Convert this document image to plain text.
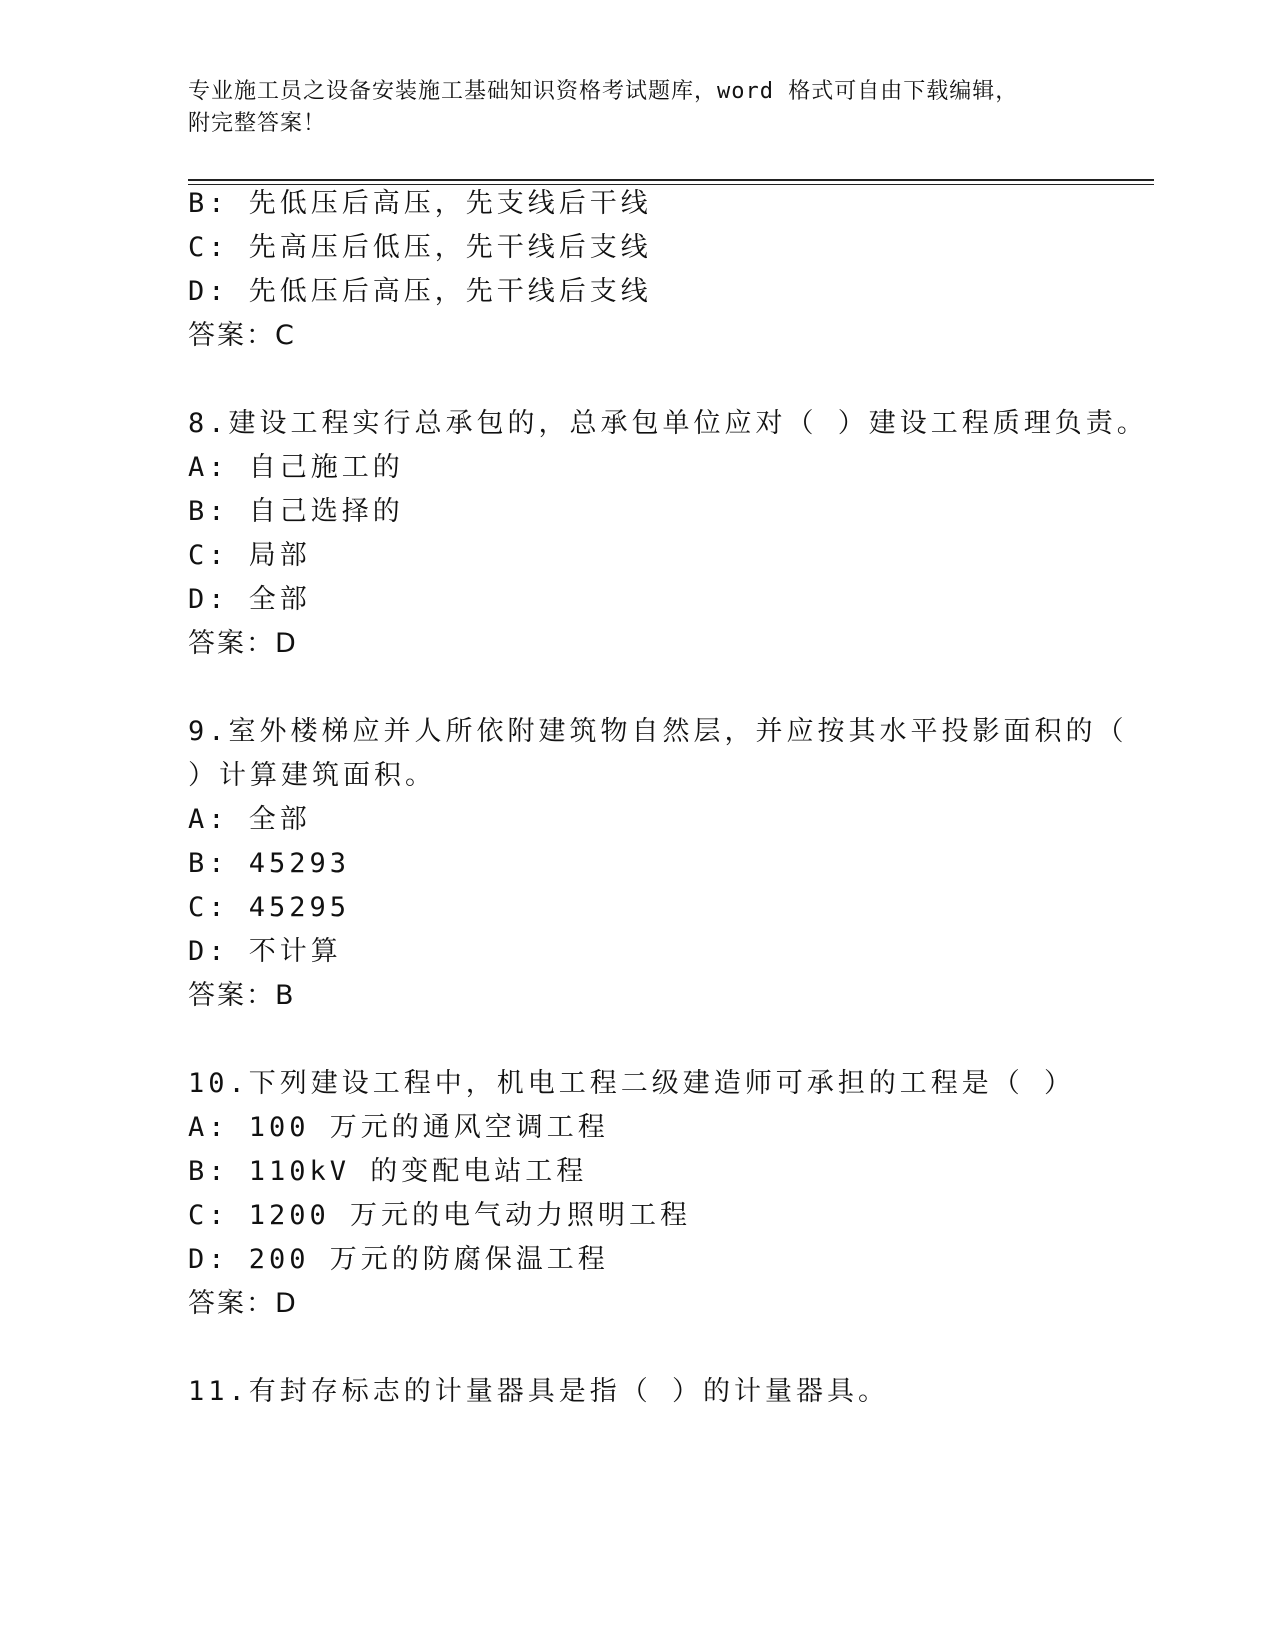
专业施工员之设备安装施工基础知识资格考试题库，word 格式可自由下载编辑，
附完整答案！
B: 先低压后高压，先支线后干线
C: 先高压后低压，先干线后支线
D: 先低压后高压，先干线后支线
答案：C
8.建设工程实行总承包的，总承包单位应对（ ）建设工程质理负责。
A: 自己施工的
B: 自己选择的
C: 局部
D: 全部
答案：D
9.室外楼梯应并人所依附建筑物自然层，并应按其水平投影面积的（
）计算建筑面积。
A: 全部
B: 45293
C: 45295
D: 不计算
答案：B
10.下列建设工程中，机电工程二级建造师可承担的工程是（ ）
A: 100 万元的通风空调工程
B: 110kV 的变配电站工程
C: 1200 万元的电气动力照明工程
D: 200 万元的防腐保温工程
答案：D
11.有封存标志的计量器具是指（ ）的计量器具。
